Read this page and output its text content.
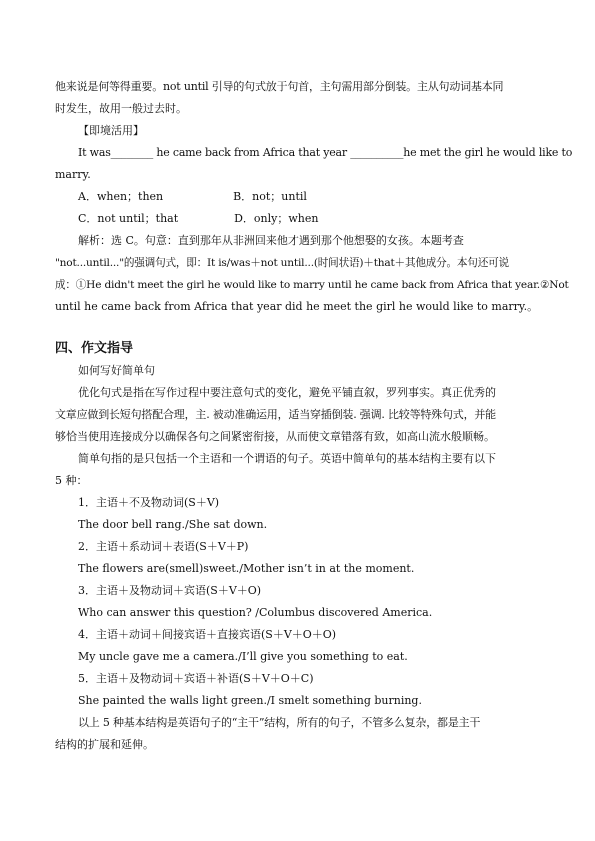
他来说是何等得重要。not until 引导的句式放于句首，主句需用部分倒装。主从句动词基本同
时发生，故用一般过去时。
【即境活用】
It was________ he came back from Africa that year __________he met the girl he would like to
marry.
A．when；then                    B．not；until
C．not until；that                D．only；when
解析：选 C。句意：直到那年从非洲回来他才遇到那个他想娶的女孩。本题考查
"not...until..."的强调句式，即：It is/was＋not until...(时间状语)＋that＋其他成分。本句还可说
成：①He didn't meet the girl he would like to marry until he came back from Africa that year.②Not
until he came back from Africa that year did he meet the girl he would like to marry.。
四、作文指导
如何写好简单句
优化句式是指在写作过程中要注意句式的变化，避免平铺直叙，罗列事实。真正优秀的
文章应做到长短句搭配合理，主. 被动准确运用，适当穿插倒装. 强调. 比较等特殊句式，并能
够恰当使用连接成分以确保各句之间紧密衔接，从而使文章错落有致，如高山流水般顺畅。
简单句指的是只包括一个主语和一个谓语的句子。英语中简单句的基本结构主要有以下
5 种：
1．主语＋不及物动词(S＋V)
The door bell rang./She sat down.
2．主语＋系动词＋表语(S＋V＋P)
The flowers are(smell)sweet./Mother isn’t in at the moment.
3．主语＋及物动词＋宾语(S＋V＋O)
Who can answer this question? /Columbus discovered America.
4．主语＋动词＋间接宾语＋直接宾语(S＋V＋O＋O)
My uncle gave me a camera./I’ll give you something to eat.
5．主语＋及物动词＋宾语＋补语(S＋V＋O＋C)
She painted the walls light green./I smelt something burning.
以上 5 种基本结构是英语句子的“主干”结构，所有的句子，不管多么复杂，都是主干
结构的扩展和延伸。
